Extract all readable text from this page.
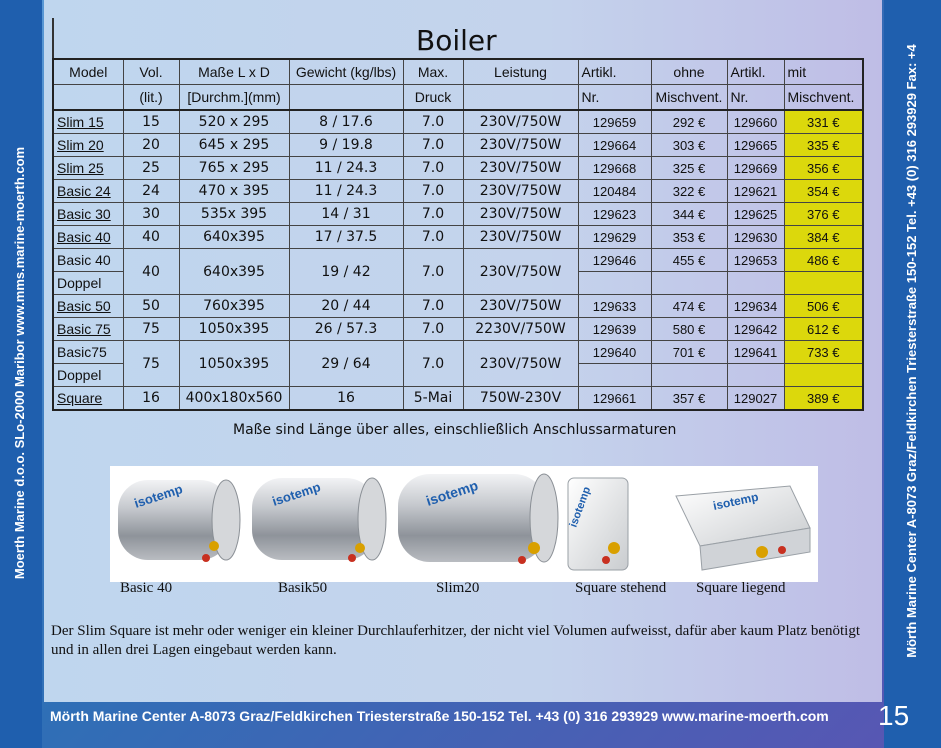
Moerth Marine d.o.o. SLo-2000 Maribor www.mms.marine-moerth.com	Mörth Marine Center A-8073 Graz/Feldkirchen Triesterstraße 150-152 Tel. +43 (0) 316 293929 Fax: +4
Boiler
Model	Vol.	Maße L x D	Gewicht (kg/lbs)	Max.	Leistung	Artikl.	ohne	Artikl.	mit
	(lit.)	[Durchm.](mm)		Druck		Nr.	Mischvent.	Nr.	Mischvent.
Slim 15	15	520 x 295	8 / 17.6	7.0	230V/750W	129659	292 €	129660	331 €
Slim 20	20	645 x 295	9 / 19.8	7.0	230V/750W	129664	303 €	129665	335 €
Slim 25	25	765 x 295	11 / 24.3	7.0	230V/750W	129668	325 €	129669	356 €
Basic 24	24	470 x 395	11 / 24.3	7.0	230V/750W	120484	322 €	129621	354 €
Basic 30	30	535x 395	14 / 31	7.0	230V/750W	129623	344 €	129625	376 €
Basic 40	40	640x395	17 / 37.5	7.0	230V/750W	129629	353 €	129630	384 €
Basic 40	40	640x395	19 / 42	7.0	230V/750W	129646	455 €	129653	486 €
Doppel									
Basic 50	50	760x395	20 / 44	7.0	230V/750W	129633	474 €	129634	506 €
Basic 75	75	1050x395	26 / 57.3	7.0	2230V/750W	129639	580 €	129642	612 €
Basic75	75	1050x395	29 / 64	7.0	230V/750W	129640	701 €	129641	733 €
Doppel									
Square	16	400x180x560	16	5-Mai	750W-230V	129661	357 €	129027	389 €
Maße sind Länge über alles, einschließlich Anschlussarmaturen
isotemp	isotemp	isotemp	isotemp	isotemp
Basic 40	Basik50	Slim20	Square stehend Square liegend
Der Slim Square ist mehr oder weniger ein kleiner Durchlauferhitzer, der nicht viel Volumen aufweisst, dafür aber kaum Platz benötigt und in allen drei Lagen eingebaut werden kann.
Mörth Marine Center A-8073 Graz/Feldkirchen Triesterstraße 150-152 Tel. +43 (0) 316 293929 www.marine-moerth.com 15
